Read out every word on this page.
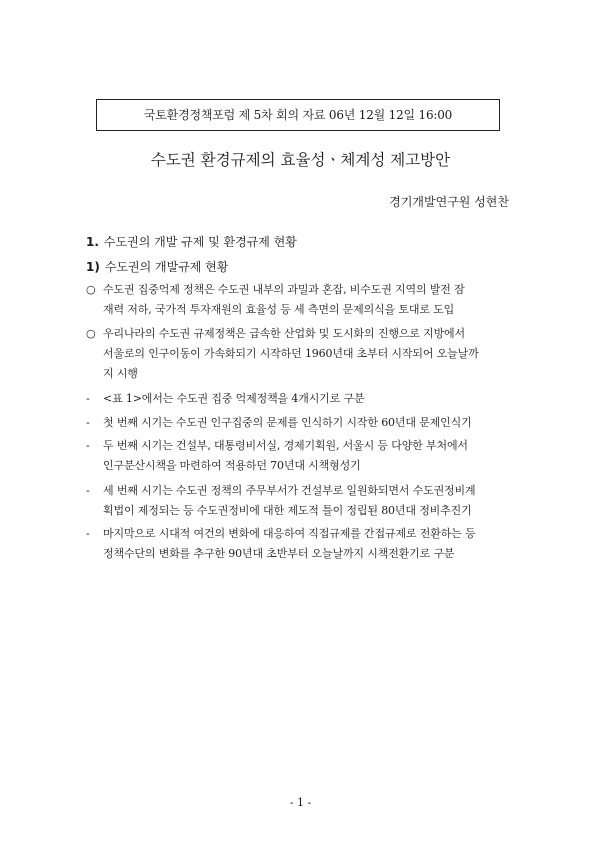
국토환경정책포럼 제 5차 회의 자료 06년 12월 12일 16:00
수도권 환경규제의 효율성ㆍ체계성 제고방안
경기개발연구원 성현찬
1. 수도권의 개발 규제 및 환경규제 현황
1) 수도권의 개발규제 현황
○ 수도권 집중억제 정책은 수도권 내부의 과밀과 혼잡, 비수도권 지역의 발전 잠
재력 저하, 국가적 투자재원의 효율성 등 세 측면의 문제의식을 토대로 도입
○ 우리나라의 수도권 규제정책은 급속한 산업화 및 도시화의 진행으로 지방에서
서울로의 인구이동이 가속화되기 시작하던 1960년대 초부터 시작되어 오늘날까
지 시행
-	<표 1>에서는 수도권 집중 억제정책을 4개시기로 구분
-	첫 번째 시기는 수도권 인구집중의 문제를 인식하기 시작한 60년대 문제인식기
-	두 번째 시기는 건설부, 대통령비서실, 경제기획원, 서울시 등 다양한 부처에서
인구분산시책을 마련하여 적용하던 70년대 시책형성기
-	세 번째 시기는 수도권 정책의 주무부서가 건설부로 일원화되면서 수도권정비계
획법이 제정되는 등 수도권정비에 대한 제도적 틀이 정립된 80년대 정비추진기
-	마지막으로 시대적 여건의 변화에 대응하여 직접규제를 간접규제로 전환하는 등
정책수단의 변화를 추구한 90년대 초반부터 오늘날까지 시책전환기로 구분
- 1 -
